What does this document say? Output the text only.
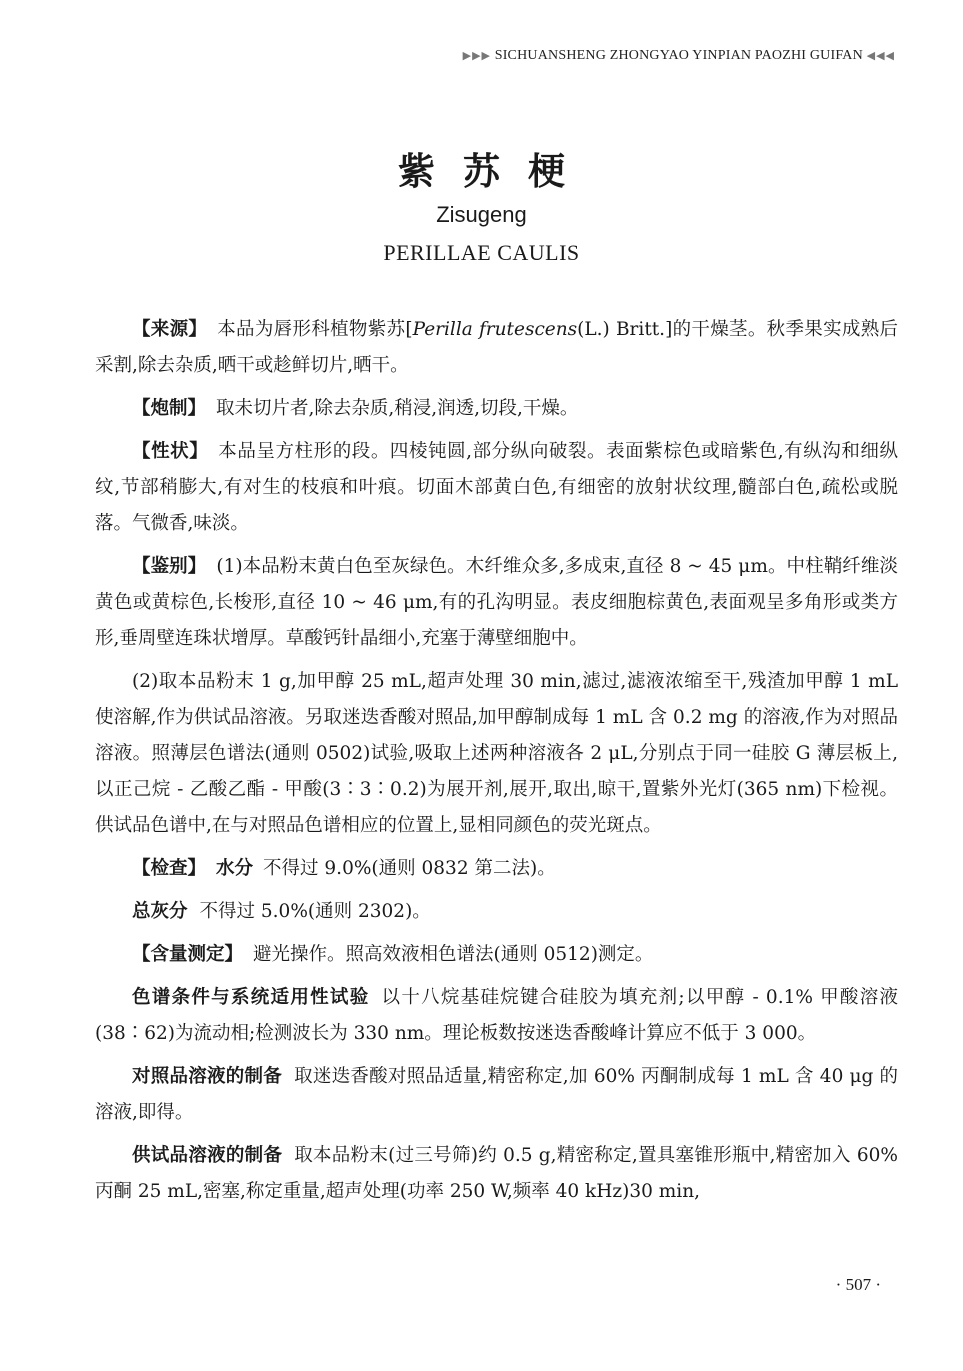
▶▶▶ SICHUANSHENG ZHONGYAO YINPIAN PAOZHI GUIFAN ◀◀◀
紫苏梗
Zisugeng
PERILLAE CAULIS

【来源】 本品为唇形科植物紫苏[Perilla frutescens(L.) Britt.]的干燥茎。秋季果实成熟后采割,除去杂质,晒干或趁鲜切片,晒干。

【炮制】 取未切片者,除去杂质,稍浸,润透,切段,干燥。

【性状】 本品呈方柱形的段。四棱钝圆,部分纵向破裂。表面紫棕色或暗紫色,有纵沟和细纵纹,节部稍膨大,有对生的枝痕和叶痕。切面木部黄白色,有细密的放射状纹理,髓部白色,疏松或脱落。气微香,味淡。

【鉴别】 (1)本品粉末黄白色至灰绿色。木纤维众多,多成束,直径 8 ~ 45 μm。中柱鞘纤维淡黄色或黄棕色,长梭形,直径 10 ~ 46 μm,有的孔沟明显。表皮细胞棕黄色,表面观呈多角形或类方形,垂周壁连珠状增厚。草酸钙针晶细小,充塞于薄壁细胞中。

(2)取本品粉末 1 g,加甲醇 25 mL,超声处理 30 min,滤过,滤液浓缩至干,残渣加甲醇 1 mL 使溶解,作为供试品溶液。另取迷迭香酸对照品,加甲醇制成每 1 mL 含 0.2 mg 的溶液,作为对照品溶液。照薄层色谱法(通则 0502)试验,吸取上述两种溶液各 2 μL,分别点于同一硅胶 G 薄层板上,以正己烷 - 乙酸乙酯 - 甲酸(3∶3∶0.2)为展开剂,展开,取出,晾干,置紫外光灯(365 nm)下检视。供试品色谱中,在与对照品色谱相应的位置上,显相同颜色的荧光斑点。

【检查】 水分 不得过 9.0%(通则 0832 第二法)。

总灰分 不得过 5.0%(通则 2302)。

【含量测定】 避光操作。照高效液相色谱法(通则 0512)测定。

色谱条件与系统适用性试验 以十八烷基硅烷键合硅胶为填充剂;以甲醇 - 0.1% 甲酸溶液(38∶62)为流动相;检测波长为 330 nm。理论板数按迷迭香酸峰计算应不低于 3 000。

对照品溶液的制备 取迷迭香酸对照品适量,精密称定,加 60% 丙酮制成每 1 mL 含 40 μg 的溶液,即得。

供试品溶液的制备 取本品粉末(过三号筛)约 0.5 g,精密称定,置具塞锥形瓶中,精密加入 60% 丙酮 25 mL,密塞,称定重量,超声处理(功率 250 W,频率 40 kHz)30 min,

· 507 ·
